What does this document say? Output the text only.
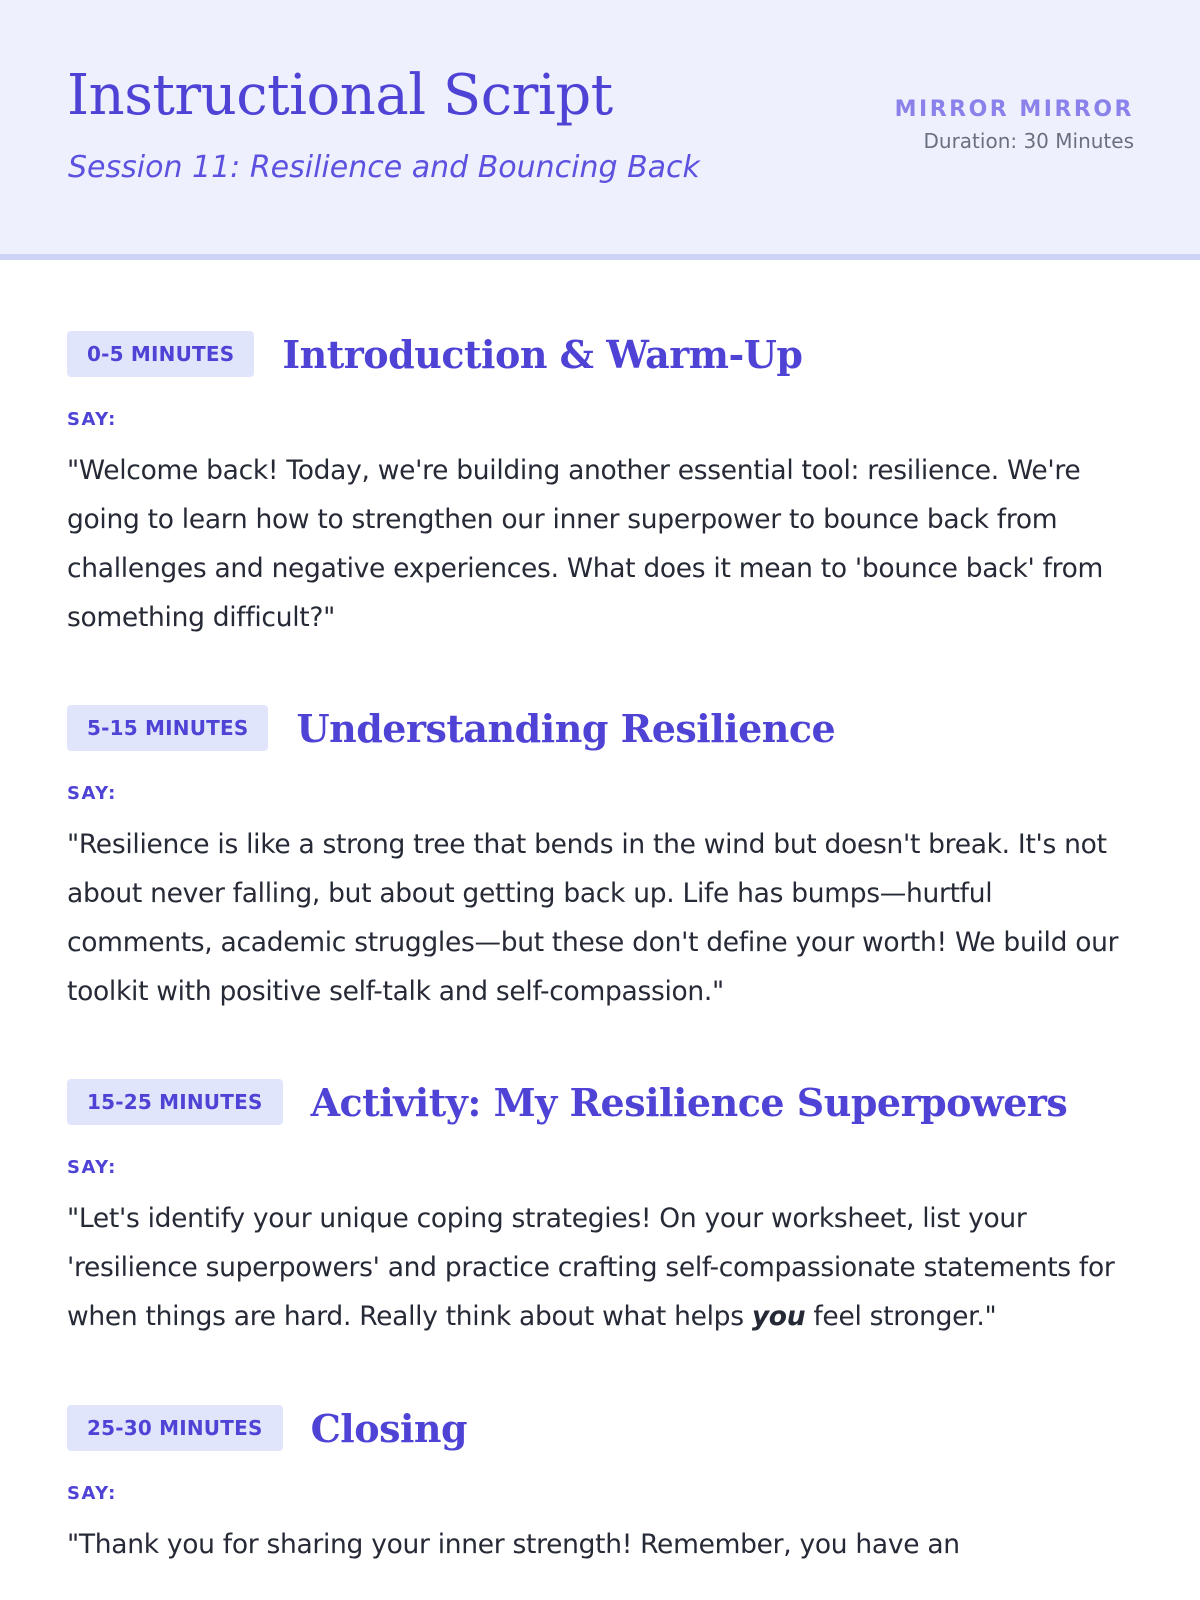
Instructional Script

Session 11: Resilience and Bouncing Back

MIRROR MIRROR
Duration: 30 Minutes
0-5 MINUTES	Introduction & Warm-Up
SAY:
"Welcome back! Today, we're building another essential tool: resilience. We're going to learn how to strengthen our inner superpower to bounce back from challenges and negative experiences. What does it mean to 'bounce back' from something difficult?"
5-15 MINUTES	Understanding Resilience
SAY:
"Resilience is like a strong tree that bends in the wind but doesn't break. It's not about never falling, but about getting back up. Life has bumps—hurtful comments, academic struggles—but these don't define your worth! We build our toolkit with positive self-talk and self-compassion."
15-25 MINUTES	Activity: My Resilience Superpowers
SAY:
"Let's identify your unique coping strategies! On your worksheet, list your 'resilience superpowers' and practice crafting self-compassionate statements for when things are hard. Really think about what helps you feel stronger."
25-30 MINUTES	Closing
SAY:
"Thank you for sharing your inner strength! Remember, you have an
